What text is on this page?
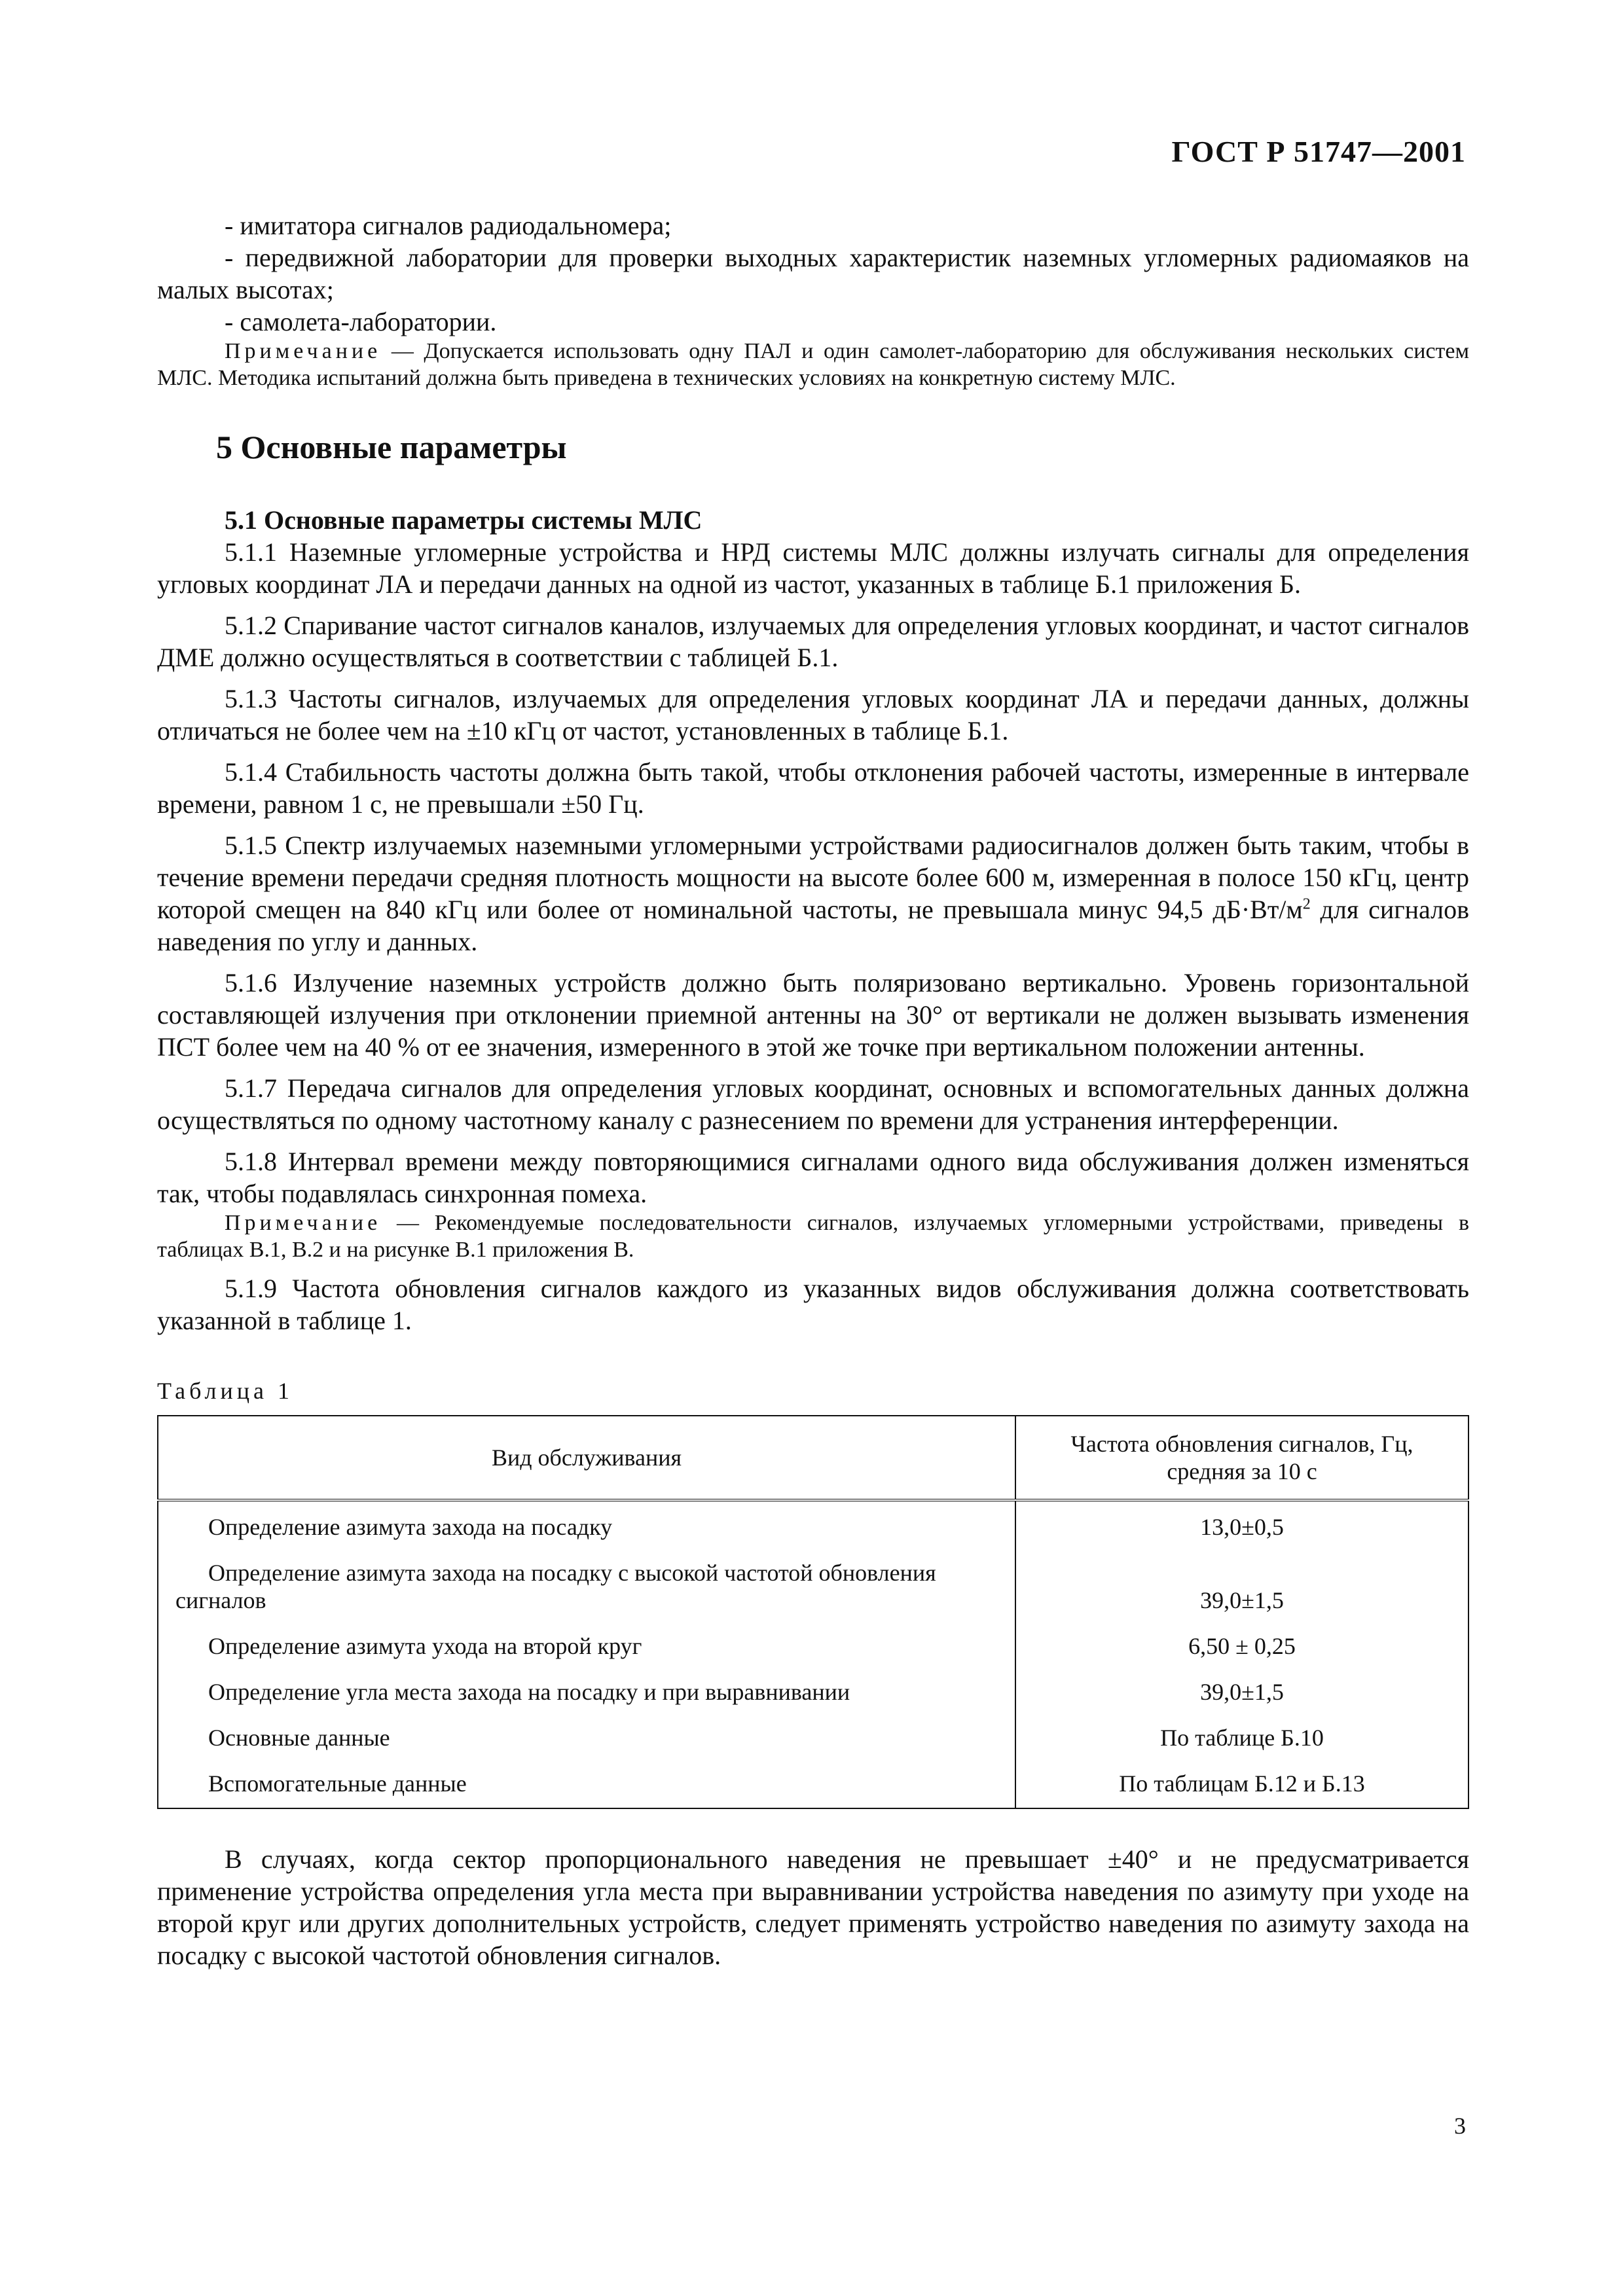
ГОСТ Р 51747—2001

- имитатора сигналов радиодальномера;

- передвижной лаборатории для проверки выходных характеристик наземных угломерных радиомаяков на малых высотах;

- самолета-лаборатории.

Примечание — Допускается использовать одну ПАЛ и один самолет-лабораторию для обслуживания нескольких систем МЛС. Методика испытаний должна быть приведена в технических условиях на конкретную систему МЛС.

5 Основные параметры

5.1 Основные параметры системы МЛС

5.1.1 Наземные угломерные устройства и НРД системы МЛС должны излучать сигналы для определения угловых координат ЛА и передачи данных на одной из частот, указанных в таблице Б.1 приложения Б.

5.1.2 Спаривание частот сигналов каналов, излучаемых для определения угловых координат, и частот сигналов ДМЕ должно осуществляться в соответствии с таблицей Б.1.

5.1.3 Частоты сигналов, излучаемых для определения угловых координат ЛА и передачи данных, должны отличаться не более чем на ±10 кГц от частот, установленных в таблице Б.1.

5.1.4 Стабильность частоты должна быть такой, чтобы отклонения рабочей частоты, измеренные в интервале времени, равном 1 с, не превышали ±50 Гц.

5.1.5 Спектр излучаемых наземными угломерными устройствами радиосигналов должен быть таким, чтобы в течение времени передачи средняя плотность мощности на высоте более 600 м, измеренная в полосе 150 кГц, центр которой смещен на 840 кГц или более от номинальной частоты, не превышала минус 94,5 $дБ\cdot Вт/м^2$ для сигналов наведения по углу и данных.

5.1.6 Излучение наземных устройств должно быть поляризовано вертикально. Уровень горизонтальной составляющей излучения при отклонении приемной антенны на 30° от вертикали не должен вызывать изменения ПСТ более чем на 40 % от ее значения, измеренного в этой же точке при вертикальном положении антенны.

5.1.7 Передача сигналов для определения угловых координат, основных и вспомогательных данных должна осуществляться по одному частотному каналу с разнесением по времени для устранения интерференции.

5.1.8 Интервал времени между повторяющимися сигналами одного вида обслуживания должен изменяться так, чтобы подавлялась синхронная помеха.

Примечание — Рекомендуемые последовательности сигналов, излучаемых угломерными устройствами, приведены в таблицах В.1, В.2 и на рисунке В.1 приложения В.

5.1.9 Частота обновления сигналов каждого из указанных видов обслуживания должна соответствовать указанной в таблице 1.

Таблица 1
Вид обслуживания	Частота обновления сигналов, Гц, средняя за 10 с
Определение азимута захода на посадку	13,0±0,5
Определение азимута захода на посадку с высокой частотой обновления сигналов	39,0±1,5
Определение азимута ухода на второй круг	6,50 ± 0,25
Определение угла места захода на посадку и при выравнивании	39,0±1,5
Основные данные	По таблице Б.10
Вспомогательные данные	По таблицам Б.12 и Б.13

В случаях, когда сектор пропорционального наведения не превышает ±40° и не предусматривается применение устройства определения угла места при выравнивании устройства наведения по азимуту при уходе на второй круг или других дополнительных устройств, следует применять устройство наведения по азимуту захода на посадку с высокой частотой обновления сигналов.

3
